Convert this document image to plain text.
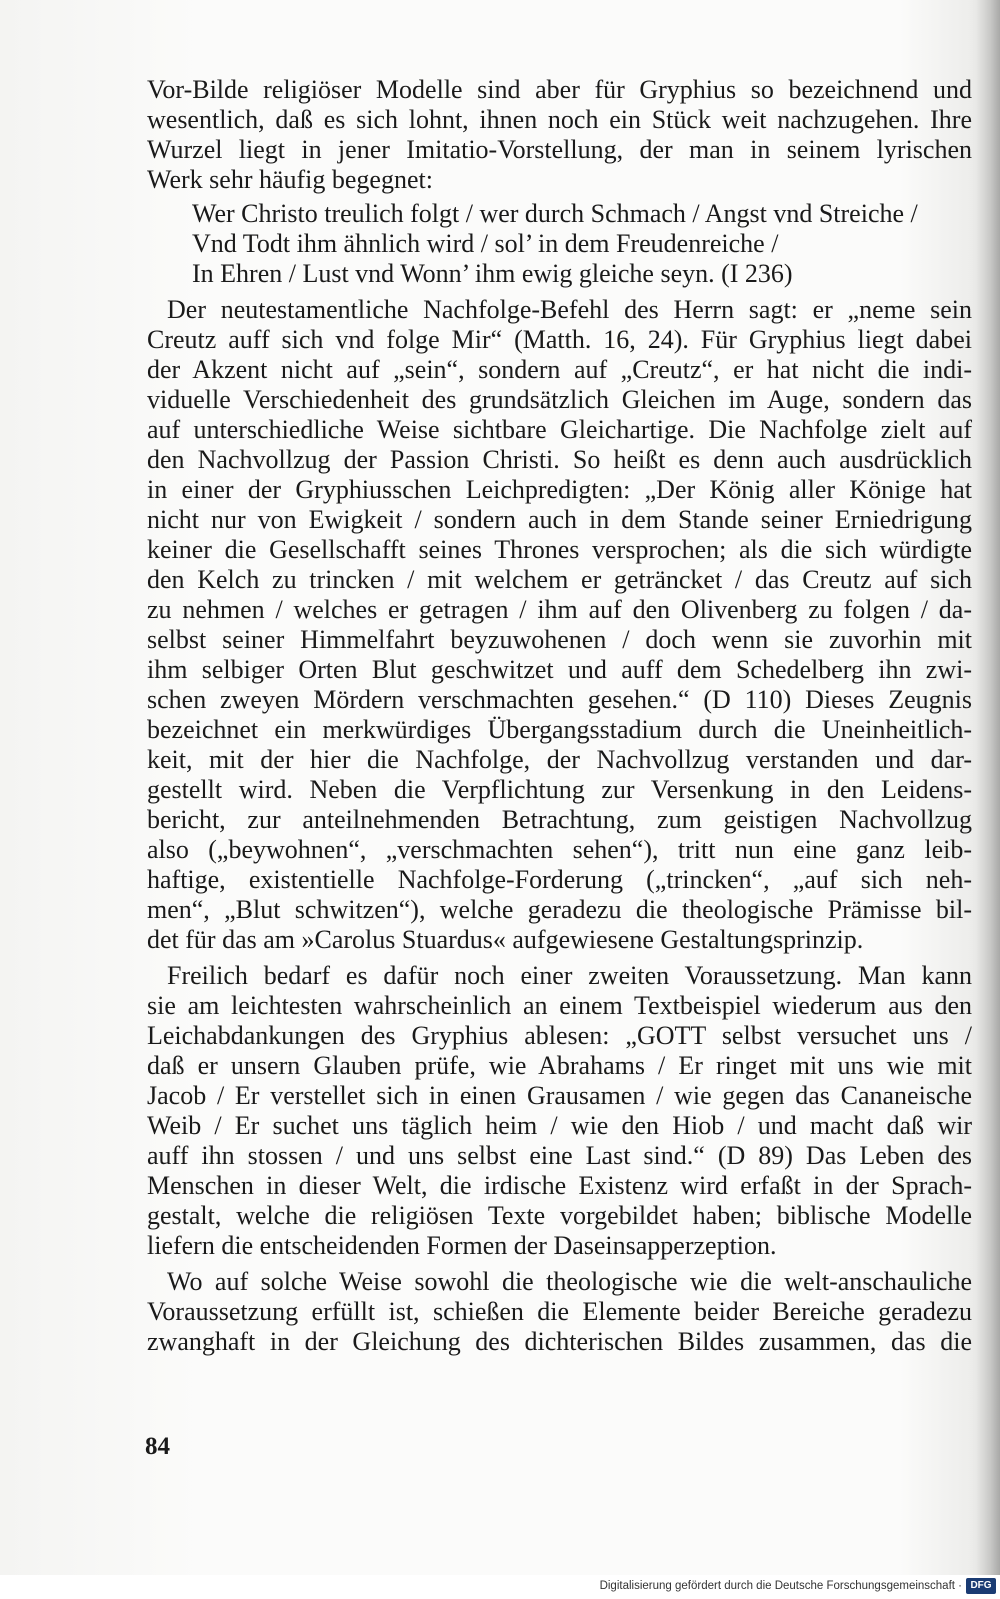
Vor-Bilde religiöser Modelle sind aber für Gryphius so bezeichnend und
wesentlich, daß es sich lohnt, ihnen noch ein Stück weit nachzugehen. Ihre
Wurzel liegt in jener Imitatio-Vorstellung, der man in seinem lyrischen
Werk sehr häufig begegnet:
Wer Christo treulich folgt / wer durch Schmach / Angst vnd Streiche /
Vnd Todt ihm ähnlich wird / sol’ in dem Freudenreiche /
In Ehren / Lust vnd Wonn’ ihm ewig gleiche seyn. (I 236)
Der neutestamentliche Nachfolge-Befehl des Herrn sagt: er „neme sein
Creutz auff sich vnd folge Mir“ (Matth. 16, 24). Für Gryphius liegt dabei
der Akzent nicht auf „sein“, sondern auf „Creutz“, er hat nicht die indi-
viduelle Verschiedenheit des grundsätzlich Gleichen im Auge, sondern das
auf unterschiedliche Weise sichtbare Gleichartige. Die Nachfolge zielt auf
den Nachvollzug der Passion Christi. So heißt es denn auch ausdrücklich
in einer der Gryphiusschen Leichpredigten: „Der König aller Könige hat
nicht nur von Ewigkeit / sondern auch in dem Stande seiner Erniedrigung
keiner die Gesellschafft seines Thrones versprochen; als die sich würdigte
den Kelch zu trincken / mit welchem er geträncket / das Creutz auf sich
zu nehmen / welches er getragen / ihm auf den Olivenberg zu folgen / da-
selbst seiner Himmelfahrt beyzuwohenen / doch wenn sie zuvorhin mit
ihm selbiger Orten Blut geschwitzet und auff dem Schedelberg ihn zwi-
schen zweyen Mördern verschmachten gesehen.“ (D 110) Dieses Zeugnis
bezeichnet ein merkwürdiges Übergangsstadium durch die Uneinheitlich-
keit, mit der hier die Nachfolge, der Nachvollzug verstanden und dar-
gestellt wird. Neben die Verpflichtung zur Versenkung in den Leidens-
bericht, zur anteilnehmenden Betrachtung, zum geistigen Nachvollzug
also („beywohnen“, „verschmachten sehen“), tritt nun eine ganz leib-
haftige, existentielle Nachfolge-Forderung („trincken“, „auf sich neh-
men“, „Blut schwitzen“), welche geradezu die theologische Prämisse bil-
det für das am »Carolus Stuardus« aufgewiesene Gestaltungsprinzip.
Freilich bedarf es dafür noch einer zweiten Voraussetzung. Man kann
sie am leichtesten wahrscheinlich an einem Textbeispiel wiederum aus den
Leichabdankungen des Gryphius ablesen: „GOTT selbst versuchet uns /
daß er unsern Glauben prüfe, wie Abrahams / Er ringet mit uns wie mit
Jacob / Er verstellet sich in einen Grausamen / wie gegen das Cananeische
Weib / Er suchet uns täglich heim / wie den Hiob / und macht daß wir
auff ihn stossen / und uns selbst eine Last sind.“ (D 89) Das Leben des
Menschen in dieser Welt, die irdische Existenz wird erfaßt in der Sprach-
gestalt, welche die religiösen Texte vorgebildet haben; biblische Modelle
liefern die entscheidenden Formen der Daseinsapperzeption.
Wo auf solche Weise sowohl die theologische wie die welt-anschauliche
Voraussetzung erfüllt ist, schießen die Elemente beider Bereiche geradezu
zwanghaft in der Gleichung des dichterischen Bildes zusammen, das die
84
Digitalisierung gefördert durch die Deutsche Forschungsgemeinschaft · DFG
